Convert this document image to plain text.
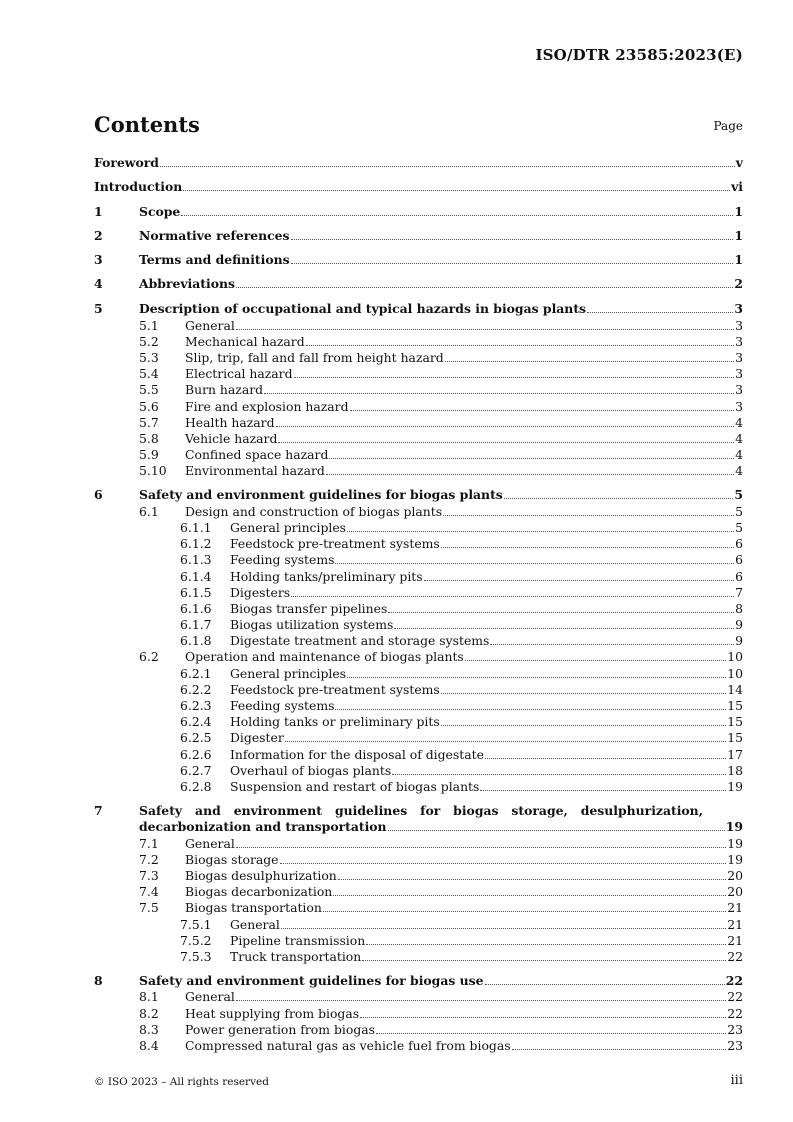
ISO/DTR 23585:2023(E)
Contents	Page
Foreword	v
Introduction	vi
1	Scope	1
2	Normative references	1
3	Terms and definitions	1
4	Abbreviations	2
5	Description of occupational and typical hazards in biogas plants	3
5.1 General	3
5.2 Mechanical hazard	3
5.3 Slip, trip, fall and fall from height hazard	3
5.4 Electrical hazard	3
5.5 Burn hazard	3
5.6 Fire and explosion hazard	3
5.7 Health hazard	4
5.8 Vehicle hazard	4
5.9 Confined space hazard	4
5.10 Environmental hazard	4
6	Safety and environment guidelines for biogas plants	5
6.1 Design and construction of biogas plants	5
6.1.1 General principles	5
6.1.2 Feedstock pre-treatment systems	6
6.1.3 Feeding systems	6
6.1.4 Holding tanks/preliminary pits	6
6.1.5 Digesters	7
6.1.6 Biogas transfer pipelines	8
6.1.7 Biogas utilization systems	9
6.1.8 Digestate treatment and storage systems	9
6.2 Operation and maintenance of biogas plants	10
6.2.1 General principles	10
6.2.2 Feedstock pre-treatment systems	14
6.2.3 Feeding systems	15
6.2.4 Holding tanks or preliminary pits	15
6.2.5 Digester	15
6.2.6 Information for the disposal of digestate	17
6.2.7 Overhaul of biogas plants	18
6.2.8 Suspension and restart of biogas plants	19
7	Safety and environment guidelines for biogas storage, desulphurization,
decarbonization and transportation	19
7.1 General	19
7.2 Biogas storage	19
7.3 Biogas desulphurization	20
7.4 Biogas decarbonization	20
7.5 Biogas transportation	21
7.5.1 General	21
7.5.2 Pipeline transmission	21
7.5.3 Truck transportation	22
8	Safety and environment guidelines for biogas use	22
8.1 General	22
8.2 Heat supplying from biogas	22
8.3 Power generation from biogas	23
8.4 Compressed natural gas as vehicle fuel from biogas	23
© ISO 2023 – All rights reserved	iii
